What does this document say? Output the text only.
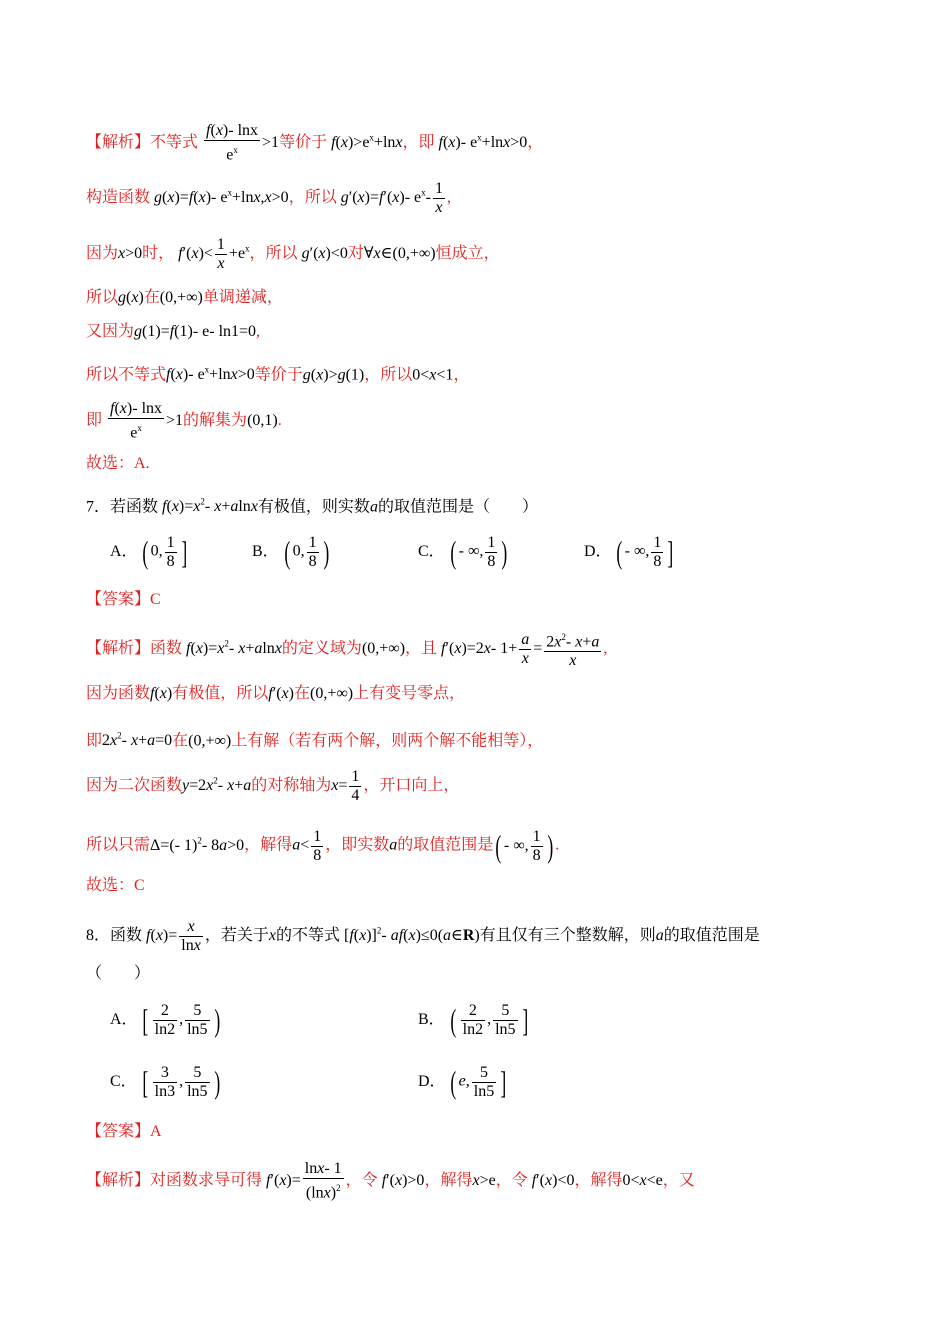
【解析】不等式 $\frac{f(x)- \ln x}{e^x} >1$等价于 $f(x)>e^x+\ln x$，即 f(x)- $e^x+\ln x>0$，
构造函数 g(x)=f(x)- $e^x+\ln x,x>0$，所以 g′(x)=f′(x)- $e^x- \frac{1}{x}$ ,
因为x>0时， $f'(x)< \frac{1}{x} +e^x$，所以 g′(x)<0对∀x∈(0,+∞)恒成立，
所以g(x)在(0,+∞)单调递减，
又因为g(1)=f(1)- e- ln1=0,
所以不等式f(x)- $e^x+\ln x>0$等价于g(x)>g(1)，所以0<x<1，
即 $\frac{f(x)- \ln x}{e^x} >1$的解集为(0,1).
故选：A.
7．若函数 $f(x)=x^2-$ x+alnx有极值，则实数a的取值范围是（　　）
A． ( 0, $\frac{1}{8}$ ]	B． ( 0, $\frac{1}{8}$ )	C． ( - ∞, $\frac{1}{8}$ )	D． ( - ∞, $\frac{1}{8}$ ]
【答案】C
【解析】函数 $f(x)=x^2-$ x+alnx的定义域为(0,+∞)，且 f′(x)=2x- $1+ \frac{a}{x} = \frac{2x^2- x+a}{x}$ ,
因为函数f(x)有极值，所以f′(x)在(0,+∞)上有变号零点，
即$2x^2-$ x+a=0在(0,+∞)上有解（若有两个解，则两个解不能相等），
因为二次函数$y=2x^2-$ x+a的对称轴为$x= \frac{1}{4}$ ，开口向上，
所以只需Δ=(- 1)$^2$- 8a>0，解得$a< \frac{1}{8}$ ，即实数a的取值范围是( - ∞, $\frac{1}{8}$ ) .
故选：C
8．函数 $f(x)= \frac{x}{\ln x}$ ，若关于x的不等式 $[f(x)]^2-$ af(x)≤0(a∈R)有且仅有三个整数解，则a的取值范围是
（　　）
A． [ $\frac{2}{\ln 2}$ , $\frac{5}{\ln 5}$ )	B． ( $\frac{2}{\ln 2}$ , $\frac{5}{\ln 5}$ ]
C． [ $\frac{3}{\ln 3}$ , $\frac{5}{\ln 5}$ )	D． ( e, $\frac{5}{\ln 5}$ ]
【答案】A
【解析】对函数求导可得 $f'(x)= \frac{\ln x- 1}{(\ln x)^2}$ ，令 f′(x)>0，解得x>e，令 f′(x)<0，解得0<x<e，又
